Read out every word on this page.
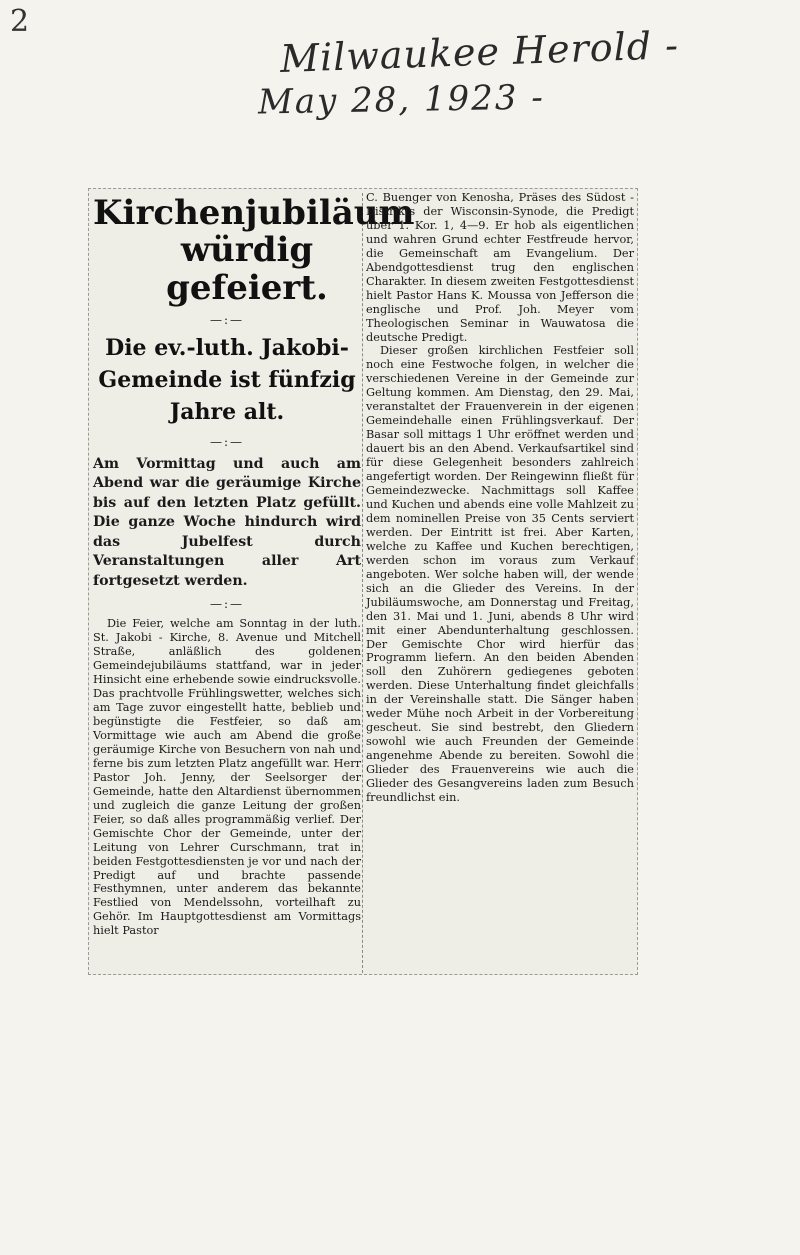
2
Milwaukee Herold -
May 28, 1923 -
Kirchenjubiläum
würdig gefeiert.
—:—
Die ev.-luth. Jakobi-Gemeinde ist fünfzig Jahre alt.
—:—

Am Vormittag und auch am Abend war die geräumige Kirche bis auf den letzten Platz gefüllt. Die ganze Woche hindurch wird das Jubelfest durch Veranstaltungen aller Art fortgesetzt werden.

—:—

Die Feier, welche am Sonntag in der luth. St. Jakobi - Kirche, 8. Avenue und Mitchell Straße, anläßlich des goldenen Gemeindejubiläums stattfand, war in jeder Hinsicht eine erhebende sowie eindrucksvolle. Das prachtvolle Frühlingswetter, welches sich am Tage zuvor eingestellt hatte, beblieb und begünstigte die Festfeier, so daß am Vormittage wie auch am Abend die große geräumige Kirche von Besuchern von nah und ferne bis zum letzten Platz angefüllt war. Herr Pastor Joh. Jenny, der Seelsorger der Gemeinde, hatte den Altardienst übernommen und zugleich die ganze Leitung der großen Feier, so daß alles programmäßig verlief. Der Gemischte Chor der Gemeinde, unter der Leitung von Lehrer Curschmann, trat in beiden Festgottesdiensten je vor und nach der Predigt auf und brachte passende Festhymnen, unter anderem das bekannte Festlied von Mendelssohn, vorteilhaft zu Gehör. Im Hauptgottesdienst am Vormittags hielt Pastor

C. Buenger von Kenosha, Präses des Südost - Distrikts der Wisconsin-Synode, die Predigt über 1. Kor. 1, 4—9. Er hob als eigentlichen und wahren Grund echter Festfreude hervor, die Gemeinschaft am Evangelium. Der Abendgottesdienst trug den englischen Charakter. In diesem zweiten Festgottesdienst hielt Pastor Hans K. Moussa von Jefferson die englische und Prof. Joh. Meyer vom Theologischen Seminar in Wauwatosa die deutsche Predigt.

Dieser großen kirchlichen Festfeier soll noch eine Festwoche folgen, in welcher die verschiedenen Vereine in der Gemeinde zur Geltung kommen. Am Dienstag, den 29. Mai, veranstaltet der Frauenverein in der eigenen Gemeindehalle einen Frühlingsverkauf. Der Basar soll mittags 1 Uhr eröffnet werden und dauert bis an den Abend. Verkaufsartikel sind für diese Gelegenheit besonders zahlreich angefertigt worden. Der Reingewinn fließt für Gemeindezwecke. Nachmittags soll Kaffee und Kuchen und abends eine volle Mahlzeit zu dem nominellen Preise von 35 Cents serviert werden. Der Eintritt ist frei. Aber Karten, welche zu Kaffee und Kuchen berechtigen, werden schon im voraus zum Verkauf angeboten. Wer solche haben will, der wende sich an die Glieder des Vereins. In der Jubiläumswoche, am Donnerstag und Freitag, den 31. Mai und 1. Juni, abends 8 Uhr wird mit einer Abendunterhaltung geschlossen. Der Gemischte Chor wird hierfür das Programm liefern. An den beiden Abenden soll den Zuhörern gediegenes geboten werden. Diese Unterhaltung findet gleichfalls in der Vereinshalle statt. Die Sänger haben weder Mühe noch Arbeit in der Vorbereitung gescheut. Sie sind bestrebt, den Gliedern sowohl wie auch Freunden der Gemeinde angenehme Abende zu bereiten. Sowohl die Glieder des Frauenvereins wie auch die Glieder des Gesangvereins laden zum Besuch freundlichst ein.
